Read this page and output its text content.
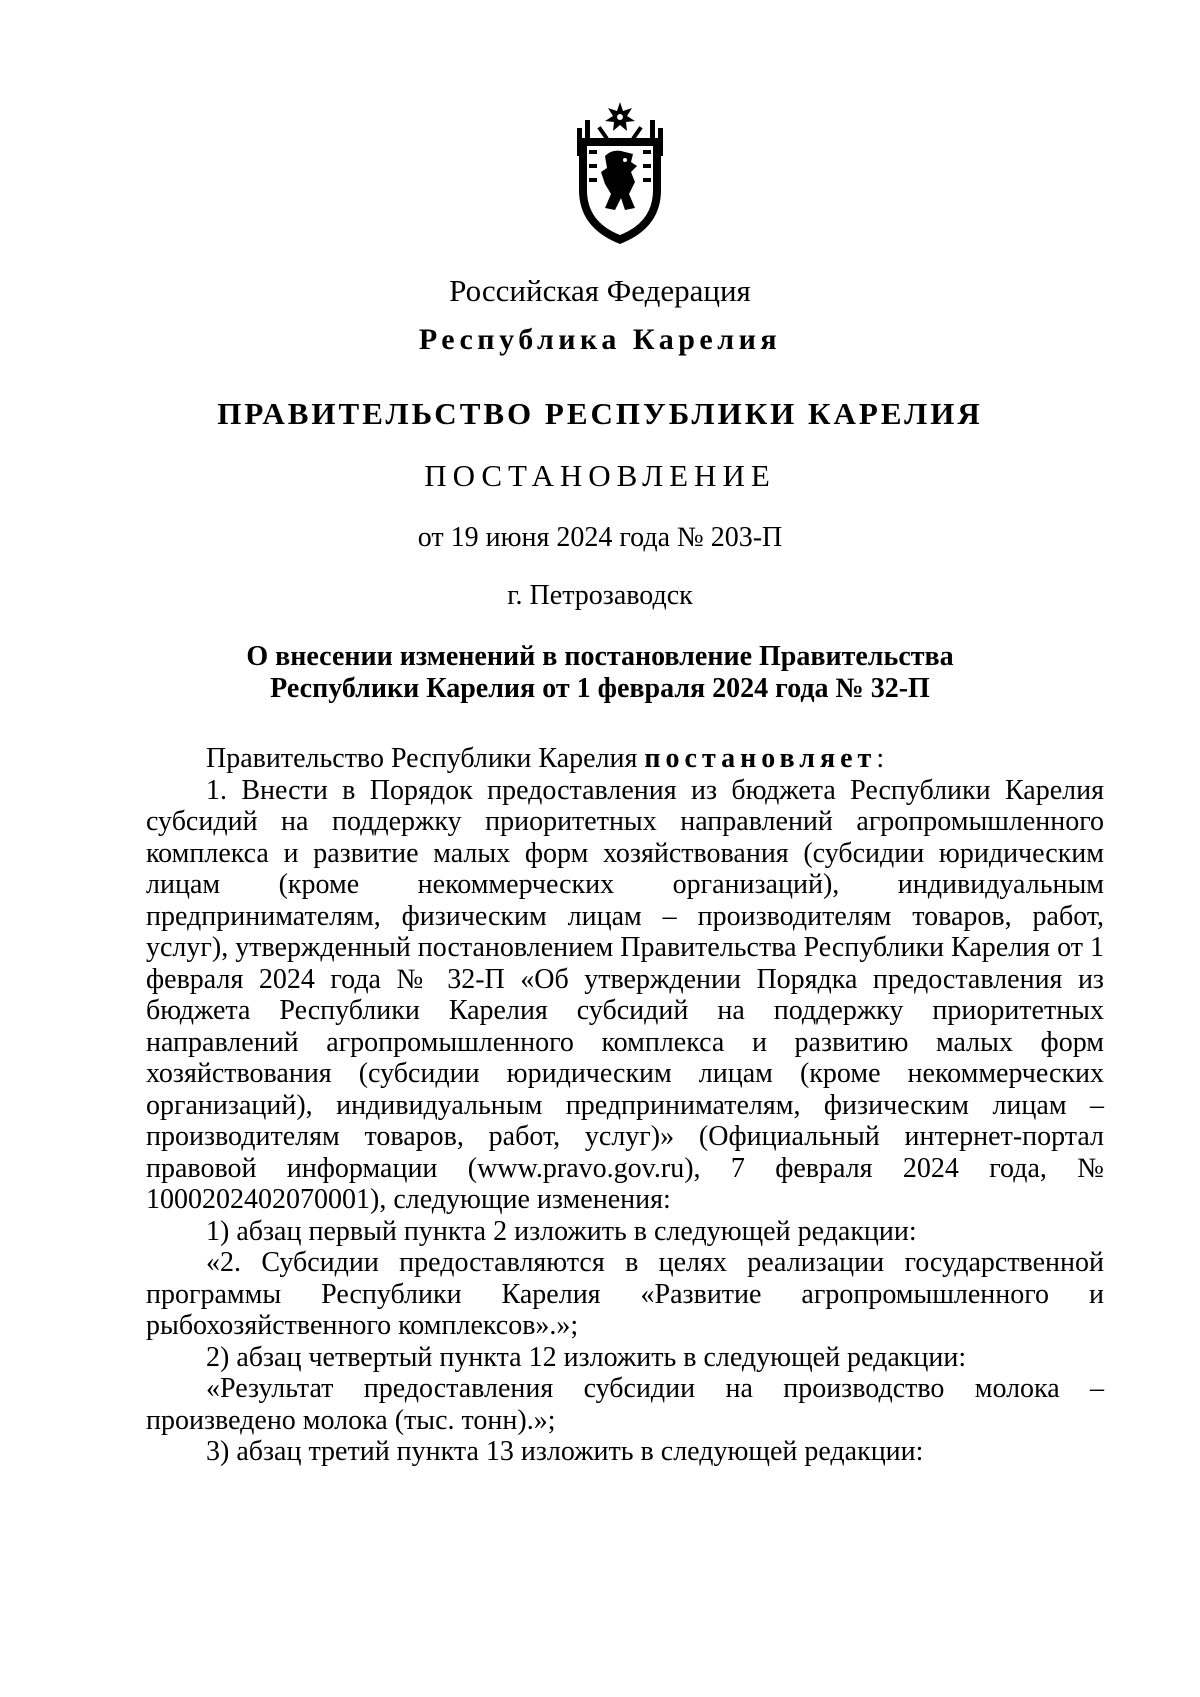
Российская Федерация
Республика Карелия
ПРАВИТЕЛЬСТВО РЕСПУБЛИКИ КАРЕЛИЯ
ПОСТАНОВЛЕНИЕ
от 19 июня 2024 года № 203-П
г. Петрозаводск
О внесении изменений в постановление Правительства
Республики Карелия от 1 февраля 2024 года № 32-П

Правительство Республики Карелия постановляет:

1. Внести в Порядок предоставления из бюджета Республики Карелия субсидий на поддержку приоритетных направлений агропромышленного комплекса и развитие малых форм хозяйствования (субсидии юридическим лицам (кроме некоммерческих организаций), индивидуальным предпринимателям, физическим лицам – производителям товаров, работ, услуг), утвержденный постановлением Правительства Республики Карелия от 1 февраля 2024 года № 32-П «Об утверждении Порядка предоставления из бюджета Республики Карелия субсидий на поддержку приоритетных направлений агропромышленного комплекса и развитию малых форм хозяйствования (субсидии юридическим лицам (кроме некоммерческих организаций), индивидуальным предпринимателям, физическим лицам – производителям товаров, работ, услуг)» (Официальный интернет-портал правовой информации (www.pravo.gov.ru), 7 февраля 2024 года, № 1000202402070001), следующие изменения:

1) абзац первый пункта 2 изложить в следующей редакции:

«2. Субсидии предоставляются в целях реализации государственной программы Республики Карелия «Развитие агропромышленного и рыбохозяйственного комплексов».»;

2) абзац четвертый пункта 12 изложить в следующей редакции:

«Результат предоставления субсидии на производство молока – произведено молока (тыс. тонн).»;

3) абзац третий пункта 13 изложить в следующей редакции:
